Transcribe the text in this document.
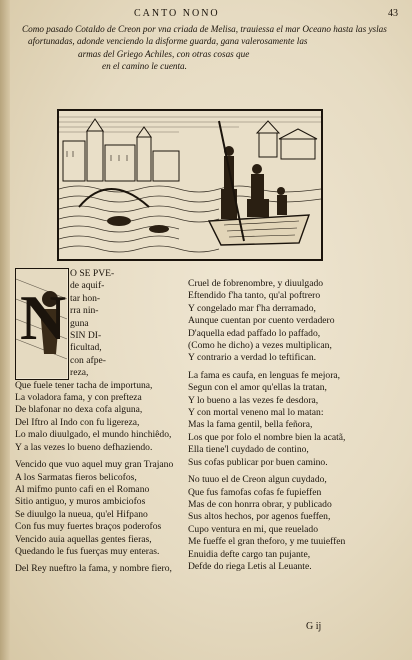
CANTO NONO	43
Como pasado Cotaldo de Creon por vna criada de Melisa, trauiessa el mar Oceano hasta las yslas
afortunadas, adonde venciendo la disforme guarda, gana valerosamente las
armas del Griego Achiles, con otras cosas que
en el camino le cuenta.
N
O SE PVE-
de aquif-
tar hon-
rra nin-
guna
SIN DI-
ficultad,
con afpe-
reza,
Que fuele tener tacha de importuna,
La voladora fama, y con prefteza
De blafonar no dexa cofa alguna,
Del Iftro al Indo con fu ligereza,
Lo malo diuulgado, el mundo hinchiêdo,
Y a las vezes lo bueno defhaziendo.
Vencido que vuo aquel muy gran Trajano
A los Sarmatas fieros belicofos,
Al mifmo punto cafi en el Romano
Sitio antiguo, y muros ambiciofos
Se diuulgo la nueua, qu'el Hifpano
Con fus muy fuertes braços poderofos
Vencido auia aquellas gentes fieras,
Quedando le fus fuerças muy enteras.
Del Rey nueftro la fama, y nombre fiero,
Cruel de fobrenombre, y diuulgado
Eftendido f'ha tanto, qu'al poftrero
Y congelado mar f'ha derramado,
Aunque cuentan por cuento verdadero
D'aquella edad paffado lo paffado,
(Como he dicho) a vezes multiplican,
Y contrario a verdad lo teftifican.
La fama es caufa, en lenguas fe mejora,
Segun con el amor qu'ellas la tratan,
Y lo bueno a las vezes fe desdora,
Y con mortal veneno mal lo matan:
Mas la fama gentil, bella feñora,
Los que por folo el nombre bien la acatã,
Ella tiene'l cuydado de contino,
Sus cofas publicar por buen camino.
No tuuo el de Creon algun cuydado,
Que fus famofas cofas fe fupieffen
Mas de con honrra obrar, y publicado
Sus altos hechos, por agenos fueffen,
Cupo ventura en mi, que reuelado
Me fueffe el gran theforo, y me tuuieffen
Enuidia defte cargo tan pujante,
Defde do riega Letis al Leuante.
G ij
